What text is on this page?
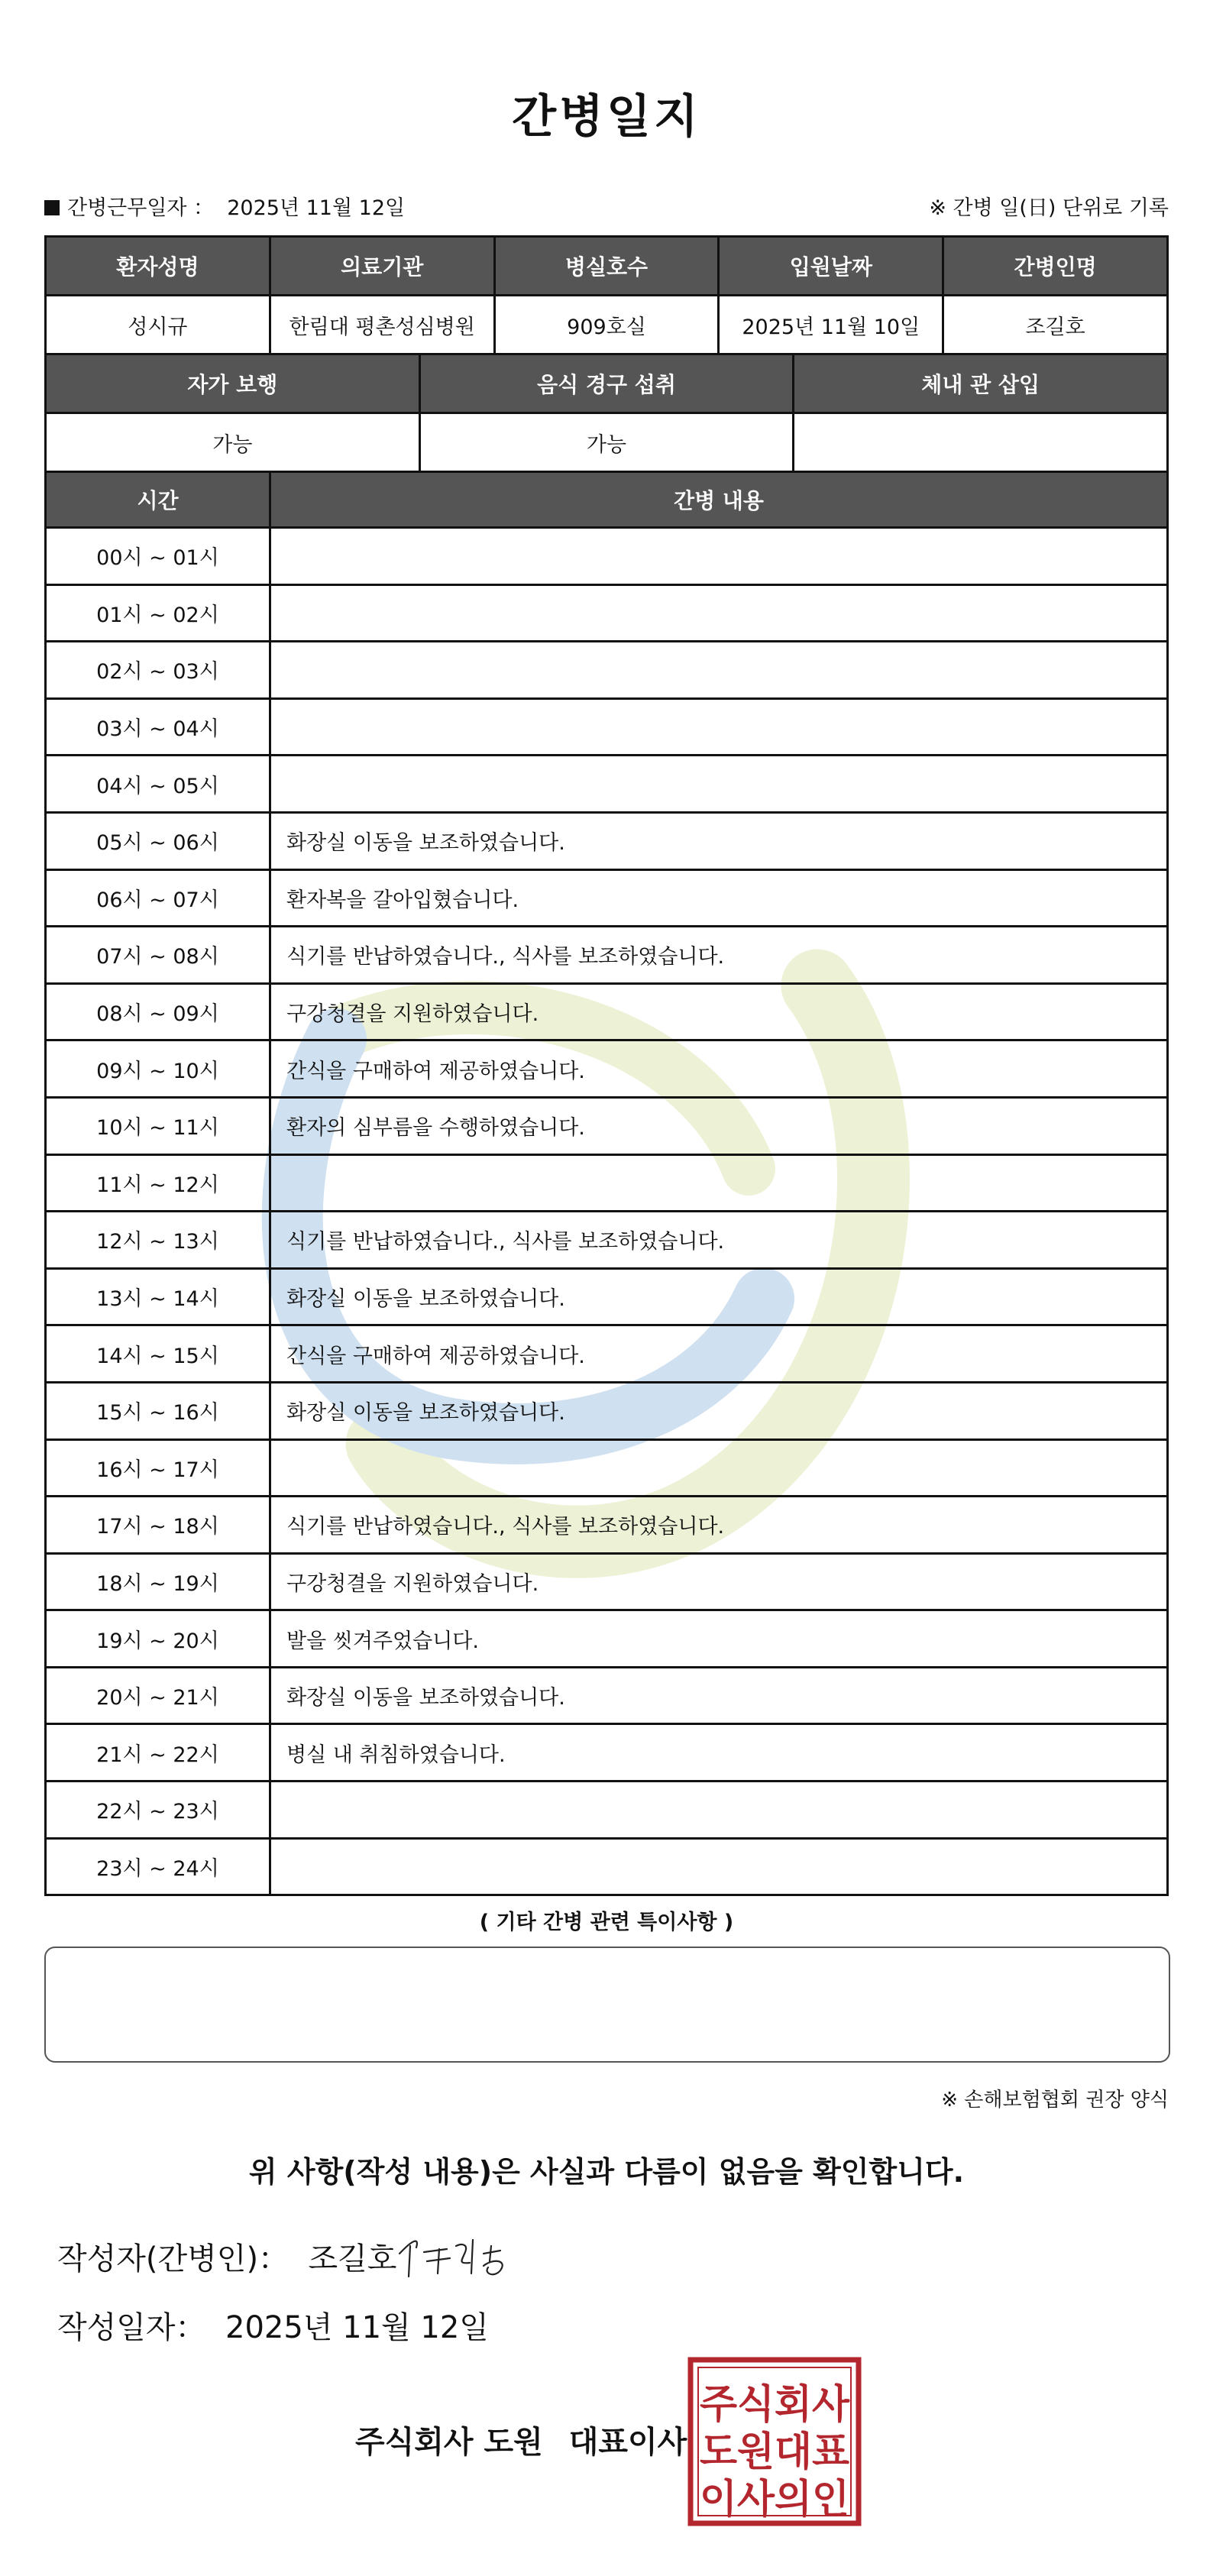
간병일지
간병근무일자 ： 2025년 11월 12일	※ 간병 일(日) 단위로 기록
환자성명	의료기관	병실호수	입원날짜	간병인명
성시규	한림대 평촌성심병원	909호실	2025년 11월 10일	조길호
자가 보행	음식 경구 섭취	체내 관 삽입
가능	가능	
시간	간병 내용
00시 ~ 01시	
01시 ~ 02시	
02시 ~ 03시	
03시 ~ 04시	
04시 ~ 05시	
05시 ~ 06시	화장실 이동을 보조하였습니다.
06시 ~ 07시	환자복을 갈아입혔습니다.
07시 ~ 08시	식기를 반납하였습니다., 식사를 보조하였습니다.
08시 ~ 09시	구강청결을 지원하였습니다.
09시 ~ 10시	간식을 구매하여 제공하였습니다.
10시 ~ 11시	환자의 심부름을 수행하였습니다.
11시 ~ 12시	
12시 ~ 13시	식기를 반납하였습니다., 식사를 보조하였습니다.
13시 ~ 14시	화장실 이동을 보조하였습니다.
14시 ~ 15시	간식을 구매하여 제공하였습니다.
15시 ~ 16시	화장실 이동을 보조하였습니다.
16시 ~ 17시	
17시 ~ 18시	식기를 반납하였습니다., 식사를 보조하였습니다.
18시 ~ 19시	구강청결을 지원하였습니다.
19시 ~ 20시	발을 씻겨주었습니다.
20시 ~ 21시	화장실 이동을 보조하였습니다.
21시 ~ 22시	병실 내 취침하였습니다.
22시 ~ 23시	
23시 ~ 24시	
( 기타 간병 관련 특이사항 )
※ 손해보험협회 권장 양식
위 사항(작성 내용)은 사실과 다름이 없음을 확인합니다.
작성자(간병인)： 조길호
작성일자： 2025년 11월 12일
주식회사 도원 대표이사
주식회사
도원대표
이사의인
